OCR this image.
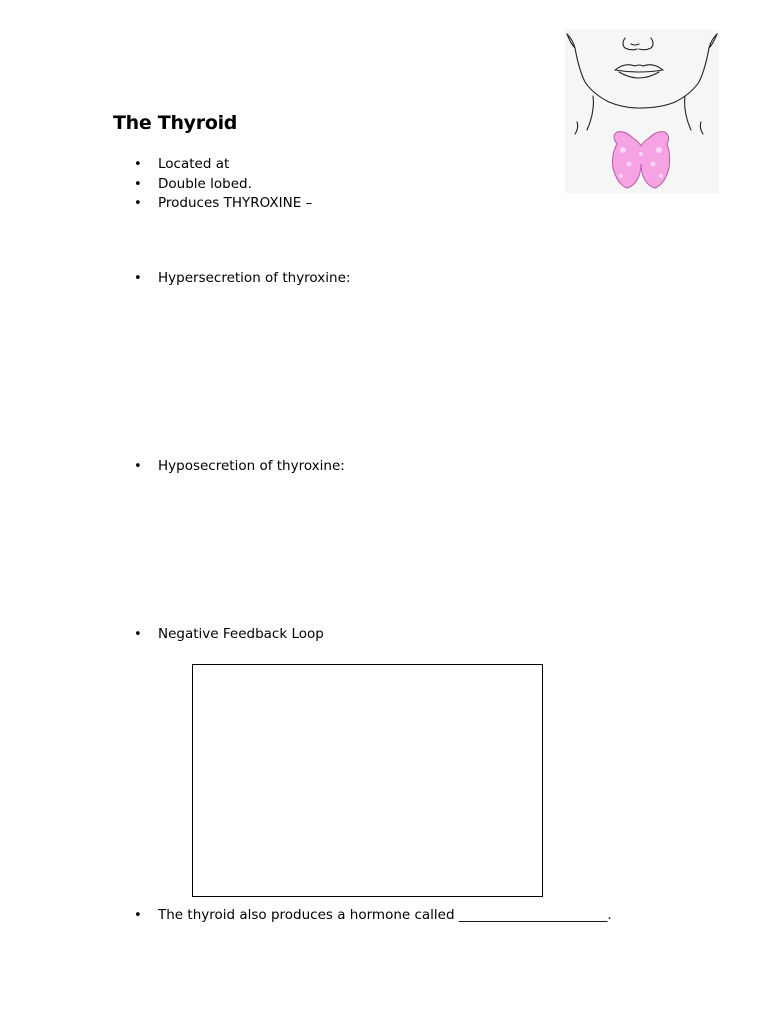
The Thyroid
• Located at
• Double lobed.
• Produces THYROXINE –
• Hypersecretion of thyroxine:
• Hyposecretion of thyroxine:
• Negative Feedback Loop
• The thyroid also produces a hormone called ______________________.
